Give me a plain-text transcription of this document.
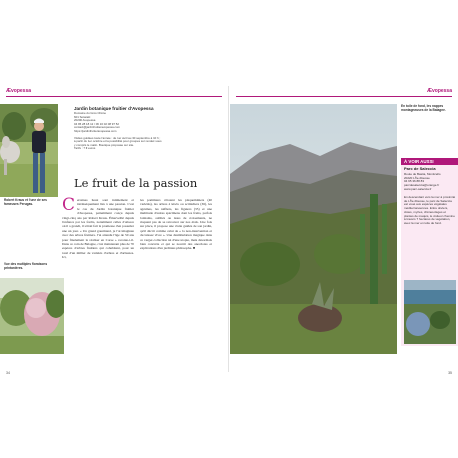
Ævopessa	Ævopessa

Robert Kraus et l'une de ses fameuses Perugas.

Vue des multiples floraisons printanières.

Jardin botanique fruitier d'Avopessa
Domaine du Gros Chêne
601 Sotaraki
20200 Avopessa
04 95 28 18 12 / 06 16 02 08 97 52
contact@jardinfruitieravopessa.com
https://jardinfruitieravopessa.com
Visites guidées toute l'année : de 1er avril au 30 septembre à 10 h ;
à partir du 1er octobre et la possibilité pour groupes sur rendez-vous
y compris le matin. Boutique proposée sur site.
Tarifs : 7 € euros
Le fruit de la passion

C ertaines lieux sont intimement et intrinsèquement liés à une passion. C'est le cas du Jardin botanique fruitier d'Avopessa, patiemment conçu depuis vingt-cinq ans par Robert Kraus. Émerveillé depuis l'enfance par les forêts, notamment celles d'Alsace où il a grandi, il s'était fait la promesse d'en posséder une un jour. « Un grand gourmand, je l'ai imaginée avec des arbres fruitiers. J'ai attendu l'âge de 50 ans pour finalement la réaliser en Corse » raconte-t-il. Dans ce coin de Balagne, c'est maintenant plus de 70 espèces d'arbres fruitiers qui cohabitent, pour un total d'un millier de variétés d'arbres et d'arbustes. Ici,

les pommiers côtoient les plaqueminiers (40 variétés), les arbres à kiwis ou actinidiers (36), les agrumes, les néfliers, les figuiers (35) et une multitude d'autres spécimens dont les fruits, parfois lointains, oubliés ou issus de croisements, ne risquent pas de se retrouver sur nos étals. Une fois sur place, il propose une visite guidée de son jardin, qu'il décrit comme celui de « la non-intervention et du laissez vivre ». Une déambulation magique dans ce verger-collection né d'une utopie, mais désormais bien concrète et qui se nourrit des anecdotes et explications d'un jardinier-philosophe. ■

En toile de fond, les nappes montagneuses de la Balagne.

À VOIR AUSSI
Parc de Saleccia
Route de Bastia, Monticello
20220 L'Île-Rousse
04 95 36 88 83
parcdesaleccia@orange.fr
www.parc-saleccia.fr

En descendant vers la mer à proximité de L'Île-Rousse, le parc de Saleccia est voué aux espèces végétales méditerranéennes. Entre oliviers, cistes, myrtes, chênes-lièges et plantes de maquis, le visiteur chemine à travers 7 hectares de végétation, avec la mer en toile de fond.

34	35
